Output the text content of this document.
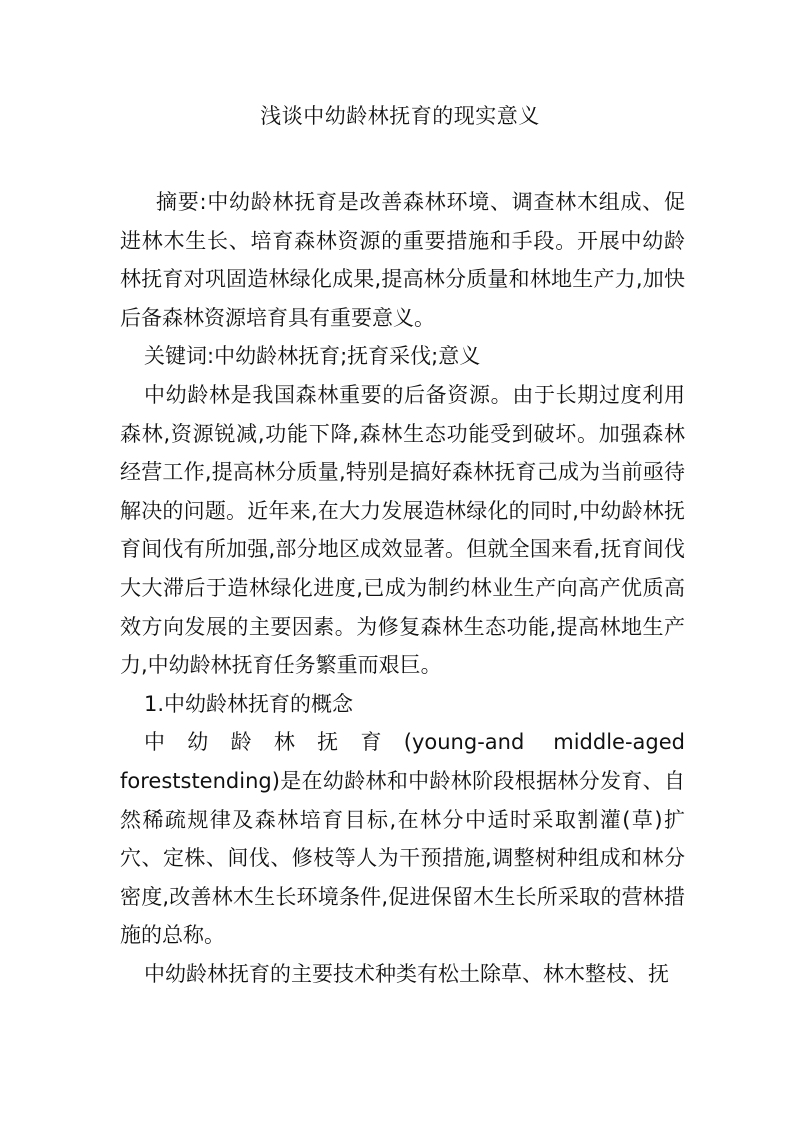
浅谈中幼龄林抚育的现实意义

摘要:中幼龄林抚育是改善森林环境、调查林木组成、促进林木生长、培育森林资源的重要措施和手段。开展中幼龄林抚育对巩固造林绿化成果,提高林分质量和林地生产力,加快后备森林资源培育具有重要意义。

关键词:中幼龄林抚育;抚育采伐;意义

中幼龄林是我国森林重要的后备资源。由于长期过度利用森林,资源锐减,功能下降,森林生态功能受到破坏。加强森林经营工作,提高林分质量,特别是搞好森林抚育己成为当前亟待解决的问题。近年来,在大力发展造林绿化的同时,中幼龄林抚育间伐有所加强,部分地区成效显著。但就全国来看,抚育间伐大大滞后于造林绿化进度,已成为制约林业生产向高产优质高效方向发展的主要因素。为修复森林生态功能,提高林地生产力,中幼龄林抚育任务繁重而艰巨。

1.中幼龄林抚育的概念

中幼龄林抚育(young-and middle-aged foreststending)是在幼龄林和中龄林阶段根据林分发育、自然稀疏规律及森林培育目标,在林分中适时采取割灌(草)扩穴、定株、间伐、修枝等人为干预措施,调整树种组成和林分密度,改善林木生长环境条件,促进保留木生长所采取的营林措施的总称。

中幼龄林抚育的主要技术种类有松土除草、林木整枝、抚
